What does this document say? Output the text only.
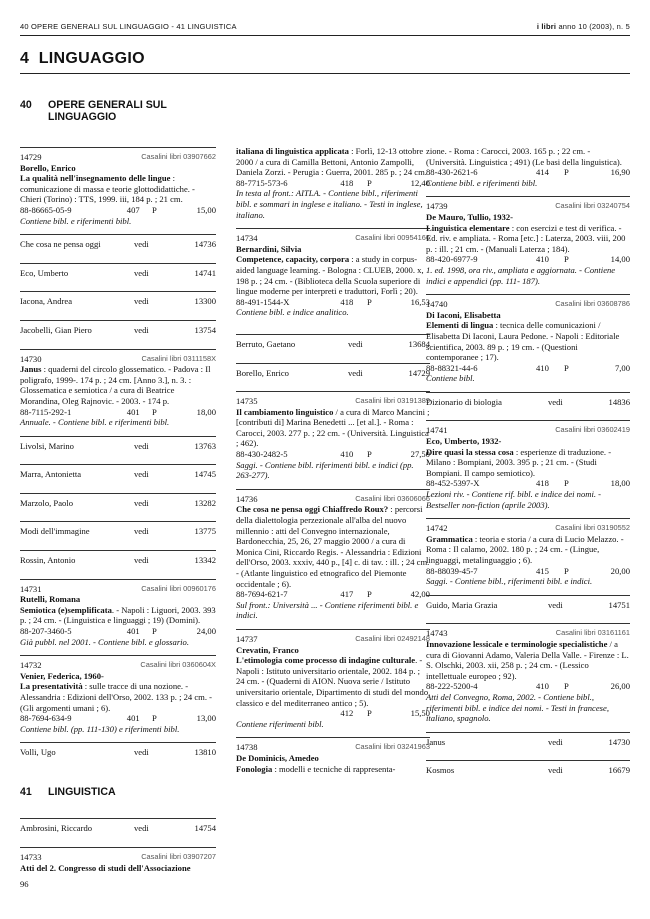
40 OPERE GENERALI SUL LINGUAGGIO - 41 LINGUISTICA	i libri anno 10 (2003), n. 5
4 LINGUAGGIO
40 OPERE GENERALI SUL
LINGUAGGIO
14729	Casalini libri 03907662
Borello, Enrico
La qualità nell'insegnamento delle lingue : comunicazione di massa e teorie glottodidattiche. - Chieri (Torino) : TTS, 1999. iii, 184 p. ; 21 cm.
88-86665-05-9	407	P	15,00
Contiene bibl. e riferimenti bibl.
Che cosa ne pensa oggi	vedi	14736
Eco, Umberto	vedi	14741
Iacona, Andrea	vedi	13300
Jacobelli, Gian Piero	vedi	13754
14730	Casalini libri 0311158X
Janus : quaderni del circolo glossematico. - Padova : Il poligrafo, 1999-. 174 p. ; 24 cm. [Anno 3.], n. 3. : Glossematica e semiotica / a cura di Beatrice Morandina, Oleg Rajnovic. - 2003. - 174 p.
88-7115-292-1	401	P	18,00
Annuale. - Contiene bibl. e riferimenti bibl.
Livolsi, Marino	vedi	13763
Marra, Antonietta	vedi	14745
Marzolo, Paolo	vedi	13282
Modi dell'immagine	vedi	13775
Rossin, Antonio	vedi	13342
14731	Casalini libri 00960176
Rutelli, Romana
Semiotica (e)semplificata. - Napoli : Liguori, 2003. 393 p. ; 24 cm. - (Linguistica e linguaggi ; 19) (Domini).
88-207-3460-5	401	P	24,00
Già pubbl. nel 2001. - Contiene bibl. e glossario.
14732	Casalini libri 0360604X
Venier, Federica, 1960-
La presentatività : sulle tracce di una nozione. - Alessandria : Edizioni dell'Orso, 2002. 133 p. ; 24 cm. - (Gli argomenti umani ; 6).
88-7694-634-9	401	P	13,00
Contiene bibl. (pp. 111-130) e riferimenti bibl.
Volli, Ugo	vedi	13810
41 LINGUISTICA
Ambrosini, Riccardo	vedi	14754
14733	Casalini libri 03907207
Atti del 2. Congresso di studi dell'Associazione
italiana di linguistica applicata : Forlì, 12-13 ottobre 2000 / a cura di Camilla Bettoni, Antonio Zampolli, Daniela Zorzi. - Perugia : Guerra, 2001. 285 p. ; 24 cm.
88-7715-573-6	418	P	12,40
In testa al front.: AITLA. - Contiene bibl., riferimenti bibl. e sommari in inglese e italiano. - Testi in inglese, italiano.
14734	Casalini libri 00954166
Bernardini, Silvia
Competence, capacity, corpora : a study in corpus-aided language learning. - Bologna : CLUEB, 2000. x, 198 p. ; 24 cm. - (Biblioteca della Scuola superiore di lingue moderne per interpreti e traduttori, Forlì ; 20).
88-491-1544-X	418	P	16,53
Contiene bibl. e indice analitico.
Berruto, Gaetano	vedi	13684
Borello, Enrico	vedi	14729
14735	Casalini libri 03191389
Il cambiamento linguistico / a cura di Marco Mancini ; [contributi di] Marina Benedetti ... [et al.]. - Roma : Carocci, 2003. 277 p. ; 22 cm. - (Università. Linguistica ; 462).
88-430-2482-5	410	P	27,50
Saggi. - Contiene bibl. riferimenti bibl. e indici (pp. 263-277).
14736	Casalini libri 03606066
Che cosa ne pensa oggi Chiaffredo Roux? : percorsi della dialettologia perzezionale all'alba del nuovo millennio : atti del Convegno internazionale, Bardonecchia, 25, 26, 27 maggio 2000 / a cura di Monica Cini, Riccardo Regis. - Alessandria : Edizioni dell'Orso, 2003. xxxiv, 440 p., [4] c. di tav. : ill. ; 24 cm. - (Atlante linguistico ed etnografico del Piemonte occidentale ; 6).
88-7694-621-7	417	P	42,00
Sul front.: Università ... - Contiene riferimenti bibl. e indici.
14737	Casalini libri 02492148
Crevatin, Franco
L'etimologia come processo di indagine culturale. - Napoli : Istituto universitario orientale, 2002. 184 p. ; 24 cm. - (Quaderni di AION. Nuova serie / Istituto universitario orientale, Dipartimento di studi del mondo classico e del mediterraneo antico ; 5).
412	P	15,50
Contiene riferimenti bibl.
14738	Casalini libri 03241963
De Dominicis, Amedeo
Fonologia : modelli e tecniche di rappresenta-
zione. - Roma : Carocci, 2003. 165 p. ; 22 cm. - (Università. Linguistica ; 491) (Le basi della linguistica).
88-430-2621-6	414	P	16,90
Contiene bibl. e riferimenti bibl.
14739	Casalini libri 03240754
De Mauro, Tullio, 1932-
Linguistica elementare : con esercizi e test di verifica. - Ed. riv. e ampliata. - Roma [etc.] : Laterza, 2003. viii, 200 p. : ill. ; 21 cm. - (Manuali Laterza ; 184).
88-420-6977-9	410	P	14,00
1. ed. 1998, ora riv., ampliata e aggiornata. - Contiene indici e appendici (pp. 111- 187).
14740	Casalini libri 03608786
Di Iaconi, Elisabetta
Elementi di lingua : tecnica delle comunicazioni / Elisabetta Di Iaconi, Laura Pedone. - Napoli : Editoriale scientifica, 2003. 89 p. ; 19 cm. - (Questioni contemporanee ; 17).
88-88321-44-6	410	P	7,00
Contiene bibl.
Dizionario di biologia	vedi	14836
14741	Casalini libri 03602419
Eco, Umberto, 1932-
Dire quasi la stessa cosa : esperienze di traduzione. - Milano : Bompiani, 2003. 395 p. ; 21 cm. - (Studi Bompiani. Il campo semiotico).
88-452-5397-X	418	P	18,00
Lezioni riv. - Contiene rif. bibl. e indice dei nomi. - Bestseller non-fiction (aprile 2003).
14742	Casalini libri 03190552
Grammatica : teoria e storia / a cura di Lucio Melazzo. - Roma : Il calamo, 2002. 180 p. ; 24 cm. - (Lingue, linguaggi, metalinguaggio ; 6).
88-88039-45-7	415	P	20,00
Saggi. - Contiene bibl., riferimenti bibl. e indici.
Guido, Maria Grazia	vedi	14751
14743	Casalini libri 03161161
Innovazione lessicale e terminologie specialistiche / a cura di Giovanni Adamo, Valeria Della Valle. - Firenze : L. S. Olschki, 2003. xii, 258 p. ; 24 cm. - (Lessico intellettuale europeo ; 92).
88-222-5200-4	410	P	26,00
Atti del Convegno, Roma, 2002. - Contiene bibl., riferimenti bibl. e indice dei nomi. - Testi in francese, italiano, spagnolo.
Janus	vedi	14730
Kosmos	vedi	16679
96
